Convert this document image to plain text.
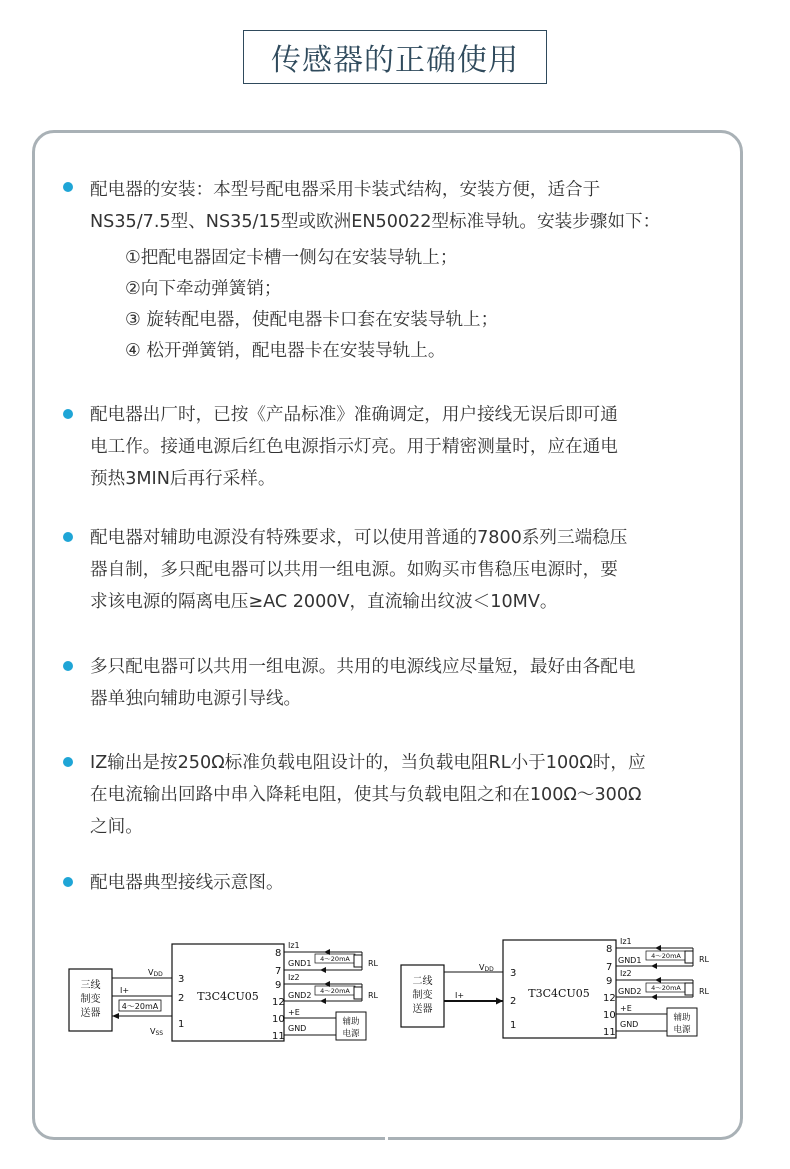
传感器的正确使用
配电器的安装：本型号配电器采用卡装式结构，安装方便，适合于
NS35/7.5型、NS35/15型或欧洲EN50022型标准导轨。安装步骤如下：
①把配电器固定卡槽一侧勾在安装导轨上；
②向下牵动弹簧销；
③ 旋转配电器，使配电器卡口套在安装导轨上；
④ 松开弹簧销，配电器卡在安装导轨上。
配电器出厂时，已按《产品标准》准确调定，用户接线无误后即可通
电工作。接通电源后红色电源指示灯亮。用于精密测量时，应在通电
预热3MIN后再行采样。
配电器对辅助电源没有特殊要求，可以使用普通的7800系列三端稳压
器自制，多只配电器可以共用一组电源。如购买市售稳压电源时，要
求该电源的隔离电压≥AC 2000V，直流输出纹波＜10MV。
多只配电器可以共用一组电源。共用的电源线应尽量短，最好由各配电
器单独向辅助电源引导线。
IZ输出是按250Ω标准负载电阻设计的，当负载电阻RL小于100Ω时，应
在电流输出回路中串入降耗电阻，使其与负载电阻之和在100Ω～300Ω
之间。
配电器典型接线示意图。
三线
制变
送器
T3C4CU05
4～20mA
VDD
I+
VSS
3
2
1
8
7
9
12
10
11
Iz1
GND1
Iz2
GND2
+E
GND
4～20mA
4～20mA
RL
RL
辅助
电源
二线
制变
送器
T3C4CU05
VDD
I+
3
2
1
8
7
9
12
10
11
Iz1
GND1
Iz2
GND2
+E
GND
4～20mA
4～20mA
RL
RL
辅助
电源
